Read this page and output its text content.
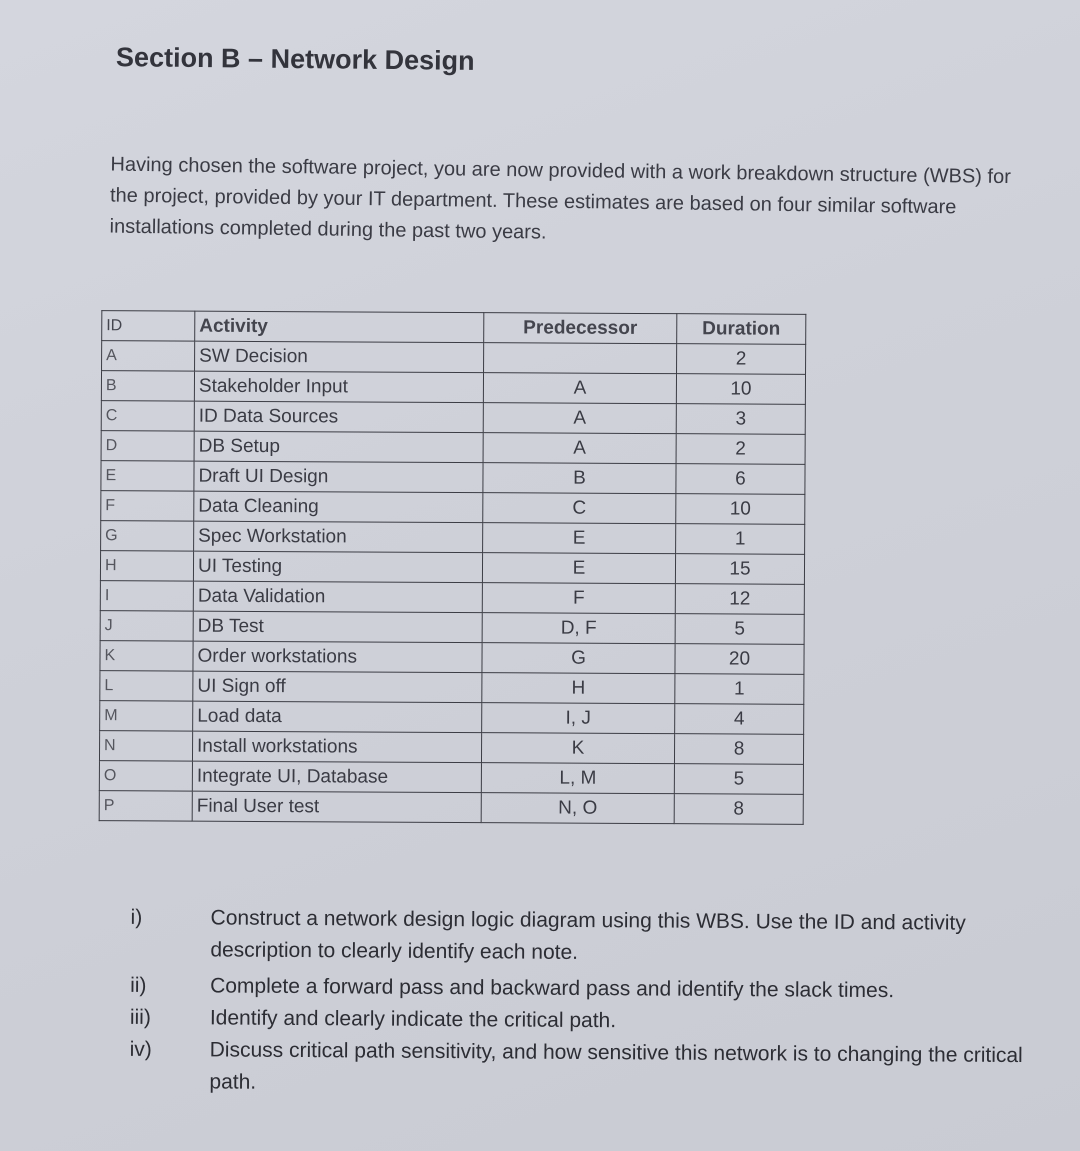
Section B – Network Design
Having chosen the software project, you are now provided with a work breakdown structure (WBS) for the project, provided by your IT department. These estimates are based on four similar software installations completed during the past two years.
ID	Activity	Predecessor	Duration
A	SW Decision		2
B	Stakeholder Input	A	10
C	ID Data Sources	A	3
D	DB Setup	A	2
E	Draft UI Design	B	6
F	Data Cleaning	C	10
G	Spec Workstation	E	1
H	UI Testing	E	15
I	Data Validation	F	12
J	DB Test	D, F	5
K	Order workstations	G	20
L	UI Sign off	H	1
M	Load data	I, J	4
N	Install workstations	K	8
O	Integrate UI, Database	L, M	5
P	Final User test	N, O	8
i)	Construct a network design logic diagram using this WBS. Use the ID and activity description to clearly identify each note.
ii)	Complete a forward pass and backward pass and identify the slack times.
iii)	Identify and clearly indicate the critical path.
iv)	Discuss critical path sensitivity, and how sensitive this network is to changing the critical path.
